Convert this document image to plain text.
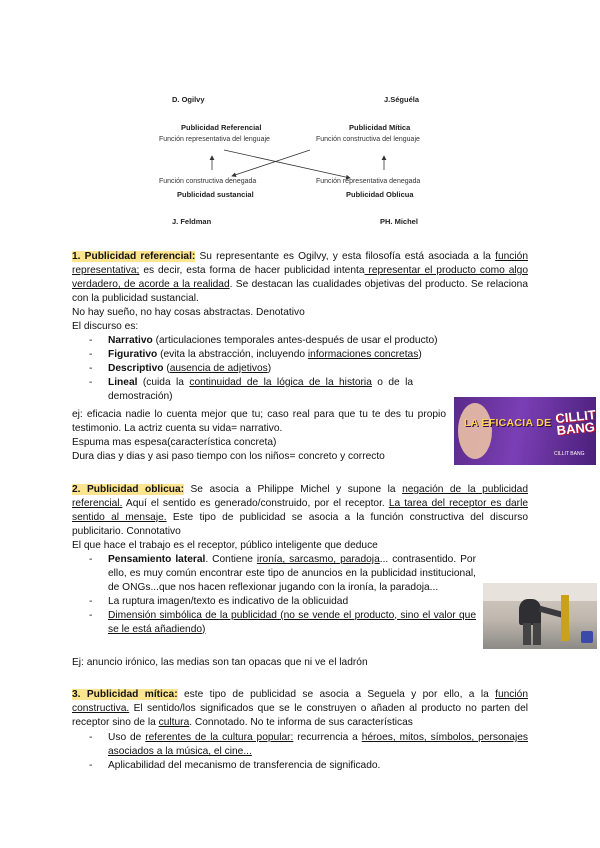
D. Ogilvy	J.Séguéla
Publicidad Referencial
Función representativa del lenguaje
Publicidad Mítica
Función constructiva del lenguaje
Función constructiva denegada
Publicidad sustancial
Función representativa denegada
Publicidad Oblicua
J. Feldman	PH. Michel
1. Publicidad referencial: Su representante es Ogilvy, y esta filosofía está asociada a la función representativa; es decir, esta forma de hacer publicidad intenta representar el producto como algo verdadero, de acorde a la realidad. Se destacan las cualidades objetivas del producto. Se relaciona con la publicidad sustancial.
No hay sueño, no hay cosas abstractas. Denotativo
El discurso es:
- Narrativo (articulaciones temporales antes-después de usar el producto)
- Figurativo (evita la abstracción, incluyendo informaciones concretas)
- Descriptivo (ausencia de adjetivos)
- Lineal (cuida la continuidad de la lógica de la historia o de la demostración)
ej: eficacia nadie lo cuenta mejor que tu; caso real para que tu te des tu propio testimonio. La actriz cuenta su vida= narrativo.
Espuma mas espesa(característica concreta)
Dura dias y dias y asi paso tiempo con los niños= concreto y correcto
LA EFICACIA DE CILLIT BANG
CILLIT BANG
2. Publicidad oblicua: Se asocia a Philippe Michel y supone la negación de la publicidad referencial. Aquí el sentido es generado/construido, por el receptor. La tarea del receptor es darle sentido al mensaje. Este tipo de publicidad se asocia a la función constructiva del discurso publicitario. Connotativo
El que hace el trabajo es el receptor, público inteligente que deduce
- Pensamiento lateral. Contiene ironía, sarcasmo, paradoja... contrasentido. Por ello, es muy común encontrar este tipo de anuncios en la publicidad institucional, de ONGs...que nos hacen reflexionar jugando con la ironía, la paradoja...
- La ruptura imagen/texto es indicativo de la oblicuidad
- Dimensión simbólica de la publicidad (no se vende el producto, sino el valor que se le está añadiendo)
Ej: anuncio irónico, las medias son tan opacas que ni ve el ladrón
3. Publicidad mítica: este tipo de publicidad se asocia a Seguela y por ello, a la función constructiva. El sentido/los significados que se le construyen o añaden al producto no parten del receptor sino de la cultura. Connotado. No te informa de sus características
- Uso de referentes de la cultura popular: recurrencia a héroes, mitos, símbolos, personajes asociados a la música, el cine...
- Aplicabilidad del mecanismo de transferencia de significado.
